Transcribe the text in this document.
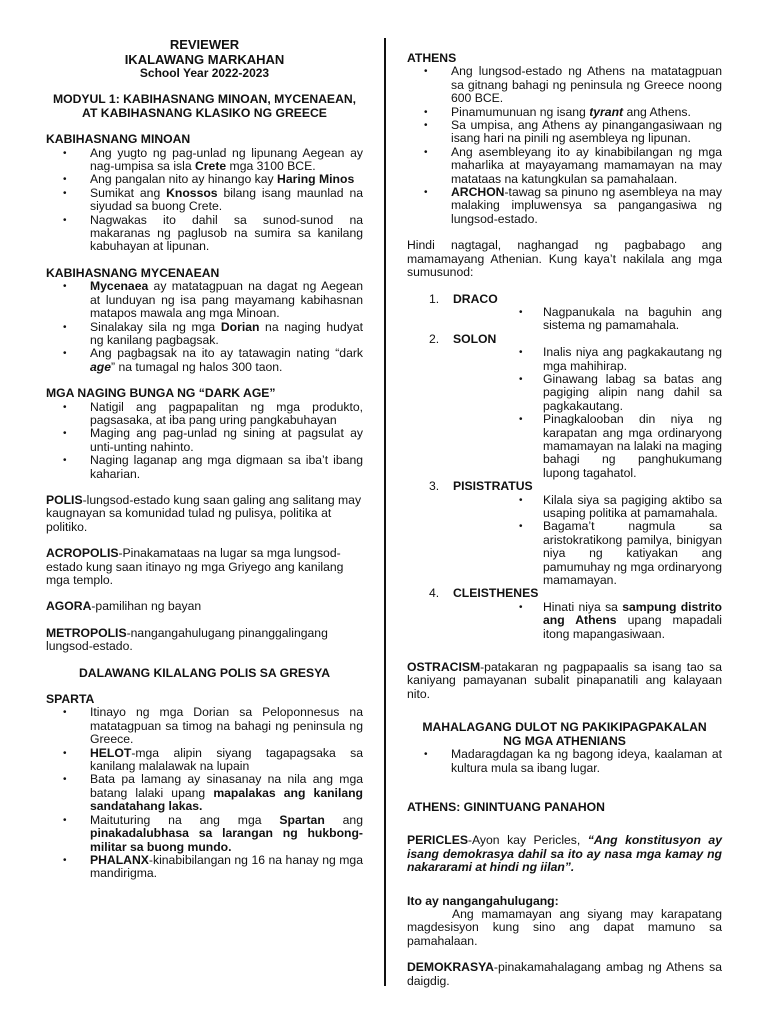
REVIEWER
IKALAWANG MARKAHAN
School Year 2022-2023
MODYUL 1: KABIHASNANG MINOAN, MYCENAEAN,
AT KABIHASNANG KLASIKO NG GREECE
KABIHASNANG MINOAN
• Ang yugto ng pag-unlad ng lipunang Aegean ay nag-umpisa sa isla Crete mga 3100 BCE.
• Ang pangalan nito ay hinango kay Haring Minos
• Sumikat ang Knossos bilang isang maunlad na siyudad sa buong Crete.
• Nagwakas ito dahil sa sunod-sunod na makaranas ng paglusob na sumira sa kanilang kabuhayan at lipunan.
KABIHASNANG MYCENAEAN
• Mycenaea ay matatagpuan na dagat ng Aegean at lunduyan ng isa pang mayamang kabihasnan matapos mawala ang mga Minoan.
• Sinalakay sila ng mga Dorian na naging hudyat ng kanilang pagbagsak.
• Ang pagbagsak na ito ay tatawagin nating “dark age” na tumagal ng halos 300 taon.
MGA NAGING BUNGA NG “DARK AGE”
• Natigil ang pagpapalitan ng mga produkto, pagsasaka, at iba pang uring pangkabuhayan
• Maging ang pag-unlad ng sining at pagsulat ay unti-unting nahinto.
• Naging laganap ang mga digmaan sa iba’t ibang kaharian.

POLIS-lungsod-estado kung saan galing ang salitang may kaugnayan sa komunidad tulad ng pulisya, politika at politiko.

ACROPOLIS-Pinakamataas na lugar sa mga lungsod-estado kung saan itinayo ng mga Griyego ang kanilang mga templo.

AGORA-pamilihan ng bayan

METROPOLIS-nangangahulugang pinanggalingang lungsod-estado.

DALAWANG KILALANG POLIS SA GRESYA
SPARTA
• Itinayo ng mga Dorian sa Peloponnesus na matatagpuan sa timog na bahagi ng peninsula ng Greece.
• HELOT-mga alipin siyang tagapagsaka sa kanilang malalawak na lupain
• Bata pa lamang ay sinasanay na nila ang mga batang lalaki upang mapalakas ang kanilang sandatahang lakas.
• Maituturing na ang mga Spartan ang pinakadalubhasa sa larangan ng hukbong-militar sa buong mundo.
• PHALANX-kinabibilangan ng 16 na hanay ng mga mandirigma.
ATHENS
• Ang lungsod-estado ng Athens na matatagpuan sa gitnang bahagi ng peninsula ng Greece noong 600 BCE.
• Pinamumunuan ng isang tyrant ang Athens.
• Sa umpisa, ang Athens ay pinangangasiwaan ng isang hari na pinili ng asembleya ng lipunan.
• Ang asembleyang ito ay kinabibilangan ng mga maharlika at mayayamang mamamayan na may matataas na katungkulan sa pamahalaan.
• ARCHON-tawag sa pinuno ng asembleya na may malaking impluwensya sa pangangasiwa ng lungsod-estado.

Hindi nagtagal, naghangad ng pagbabago ang mamamayang Athenian. Kung kaya’t nakilala ang mga sumusunod:

1. DRACO
• Nagpanukala na baguhin ang sistema ng pamamahala.
2. SOLON
• Inalis niya ang pagkakautang ng mga mahihirap.
• Ginawang labag sa batas ang pagiging alipin nang dahil sa pagkakautang.
• Pinagkalooban din niya ng karapatan ang mga ordinaryong mamamayan na lalaki na maging bahagi ng panghukumang lupong tagahatol.
3. PISISTRATUS
• Kilala siya sa pagiging aktibo sa usaping politika at pamamahala.
• Bagama’t nagmula sa aristokratikong pamilya, binigyan niya ng katiyakan ang pamumuhay ng mga ordinaryong mamamayan.
4. CLEISTHENES
• Hinati niya sa sampung distrito ang Athens upang mapadali itong mapangasiwaan.

OSTRACISM-patakaran ng pagpapaalis sa isang tao sa kaniyang pamayanan subalit pinapanatili ang kalayaan nito.

MAHALAGANG DULOT NG PAKIKIPAGPAKALAN
NG MGA ATHENIANS
• Madaragdagan ka ng bagong ideya, kaalaman at kultura mula sa ibang lugar.
ATHENS: GININTUANG PANAHON

PERICLES-Ayon kay Pericles, “Ang konstitusyon ay isang demokrasya dahil sa ito ay nasa mga kamay ng nakararami at hindi ng iilan”.

Ito ay nangangahulugang:

Ang mamamayan ang siyang may karapatang magdesisyon kung sino ang dapat mamuno sa pamahalaan.

DEMOKRASYA-pinakamahalagang ambag ng Athens sa daigdig.
